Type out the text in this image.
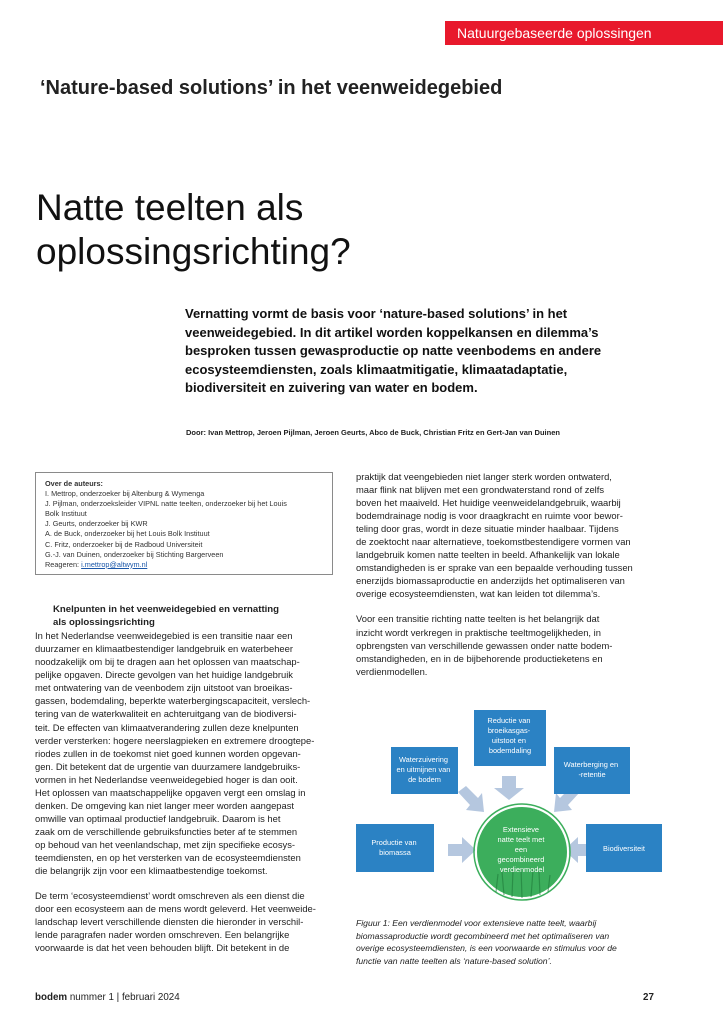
Natuurgebaseerde oplossingen
‘Nature-based solutions’ in het veenweidegebied
Natte teelten als
oplossingsrichting?
Vernatting vormt de basis voor ‘nature-based solutions’ in het
veenweidegebied. In dit artikel worden koppelkansen en dilemma’s
besproken tussen gewasproductie op natte veenbodems en andere
ecosysteemdiensten, zoals klimaatmitigatie, klimaatadaptatie,
biodiversiteit en zuivering van water en bodem.
Door: Ivan Mettrop, Jeroen Pijlman, Jeroen Geurts, Abco de Buck, Christian Fritz en Gert-Jan van Duinen
Over de auteurs:
I. Mettrop, onderzoeker bij Altenburg & Wymenga
J. Pijlman, onderzoeksleider VIPNL natte teelten, onderzoeker bij het Louis
Bolk Instituut
J. Geurts, onderzoeker bij KWR
A. de Buck, onderzoeker bij het Louis Bolk Instituut
C. Fritz, onderzoeker bij de Radboud Universiteit
G.-J. van Duinen, onderzoeker bij Stichting Bargerveen
Reageren: i.mettrop@altwym.nl
Knelpunten in het veenweidegebied en vernatting
als oplossingsrichting
In het Nederlandse veenweidegebied is een transitie naar een
duurzamer en klimaatbestendiger landgebruik en waterbeheer
noodzakelijk om bij te dragen aan het oplossen van maatschap-
pelijke opgaven. Directe gevolgen van het huidige landgebruik
met ontwatering van de veenbodem zijn uitstoot van broeikas-
gassen, bodemdaling, beperkte waterbergingscapaciteit, verslech-
tering van de waterkwaliteit en achteruitgang van de biodiversi-
teit. De effecten van klimaatverandering zullen deze knelpunten
verder versterken: hogere neerslagpieken en extremere droogtepe-
riodes zullen in de toekomst niet goed kunnen worden opgevan-
gen. Dit betekent dat de urgentie van duurzamere landgebruiks-
vormen in het Nederlandse veenweidegebied hoger is dan ooit.
Het oplossen van maatschappelijke opgaven vergt een omslag in
denken. De omgeving kan niet langer meer worden aangepast
omwille van optimaal productief landgebruik. Daarom is het
zaak om de verschillende gebruiksfuncties beter af te stemmen
op behoud van het veenlandschap, met zijn specifieke ecosys-
teemdiensten, en op het versterken van de ecosysteemdiensten
die belangrijk zijn voor een klimaatbestendige toekomst.
De term ‘ecosysteemdienst’ wordt omschreven als een dienst die
door een ecosysteem aan de mens wordt geleverd. Het veenweide-
landschap levert verschillende diensten die hieronder in verschil-
lende paragrafen nader worden omschreven. Een belangrijke
voorwaarde is dat het veen behouden blijft. Dit betekent in de
praktijk dat veengebieden niet langer sterk worden ontwaterd,
maar flink nat blijven met een grondwaterstand rond of zelfs
boven het maaiveld. Het huidige veenweidelandgebruik, waarbij
bodemdrainage nodig is voor draagkracht en ruimte voor bewor-
teling door gras, wordt in deze situatie minder haalbaar. Tijdens
de zoektocht naar alternatieve, toekomstbestendigere vormen van
landgebruik komen natte teelten in beeld. Afhankelijk van lokale
omstandigheden is er sprake van een bepaalde verhouding tussen
enerzijds biomassaproductie en anderzijds het optimaliseren van
overige ecosysteemdiensten, wat kan leiden tot dilemma’s.
Voor een transitie richting natte teelten is het belangrijk dat
inzicht wordt verkregen in praktische teeltmogelijkheden, in
opbrengsten van verschillende gewassen onder natte bodem-
omstandigheden, en in de bijbehorende productieketens en
verdienmodellen.
Reductie van broeikasgas- uitstoot en bodemdaling
Waterzuivering en uitmijnen van de bodem
Waterberging en -retentie
Productie van biomassa	Biodiversiteit
Extensieve natte teelt met een gecombineerd verdienmodel
Figuur 1: Een verdienmodel voor extensieve natte teelt, waarbij
biomassaproductie wordt gecombineerd met het optimaliseren van
overige ecosysteemdiensten, is een voorwaarde en stimulus voor de
functie van natte teelten als ‘nature-based solution’.
bodem nummer 1 | februari 2024	27
